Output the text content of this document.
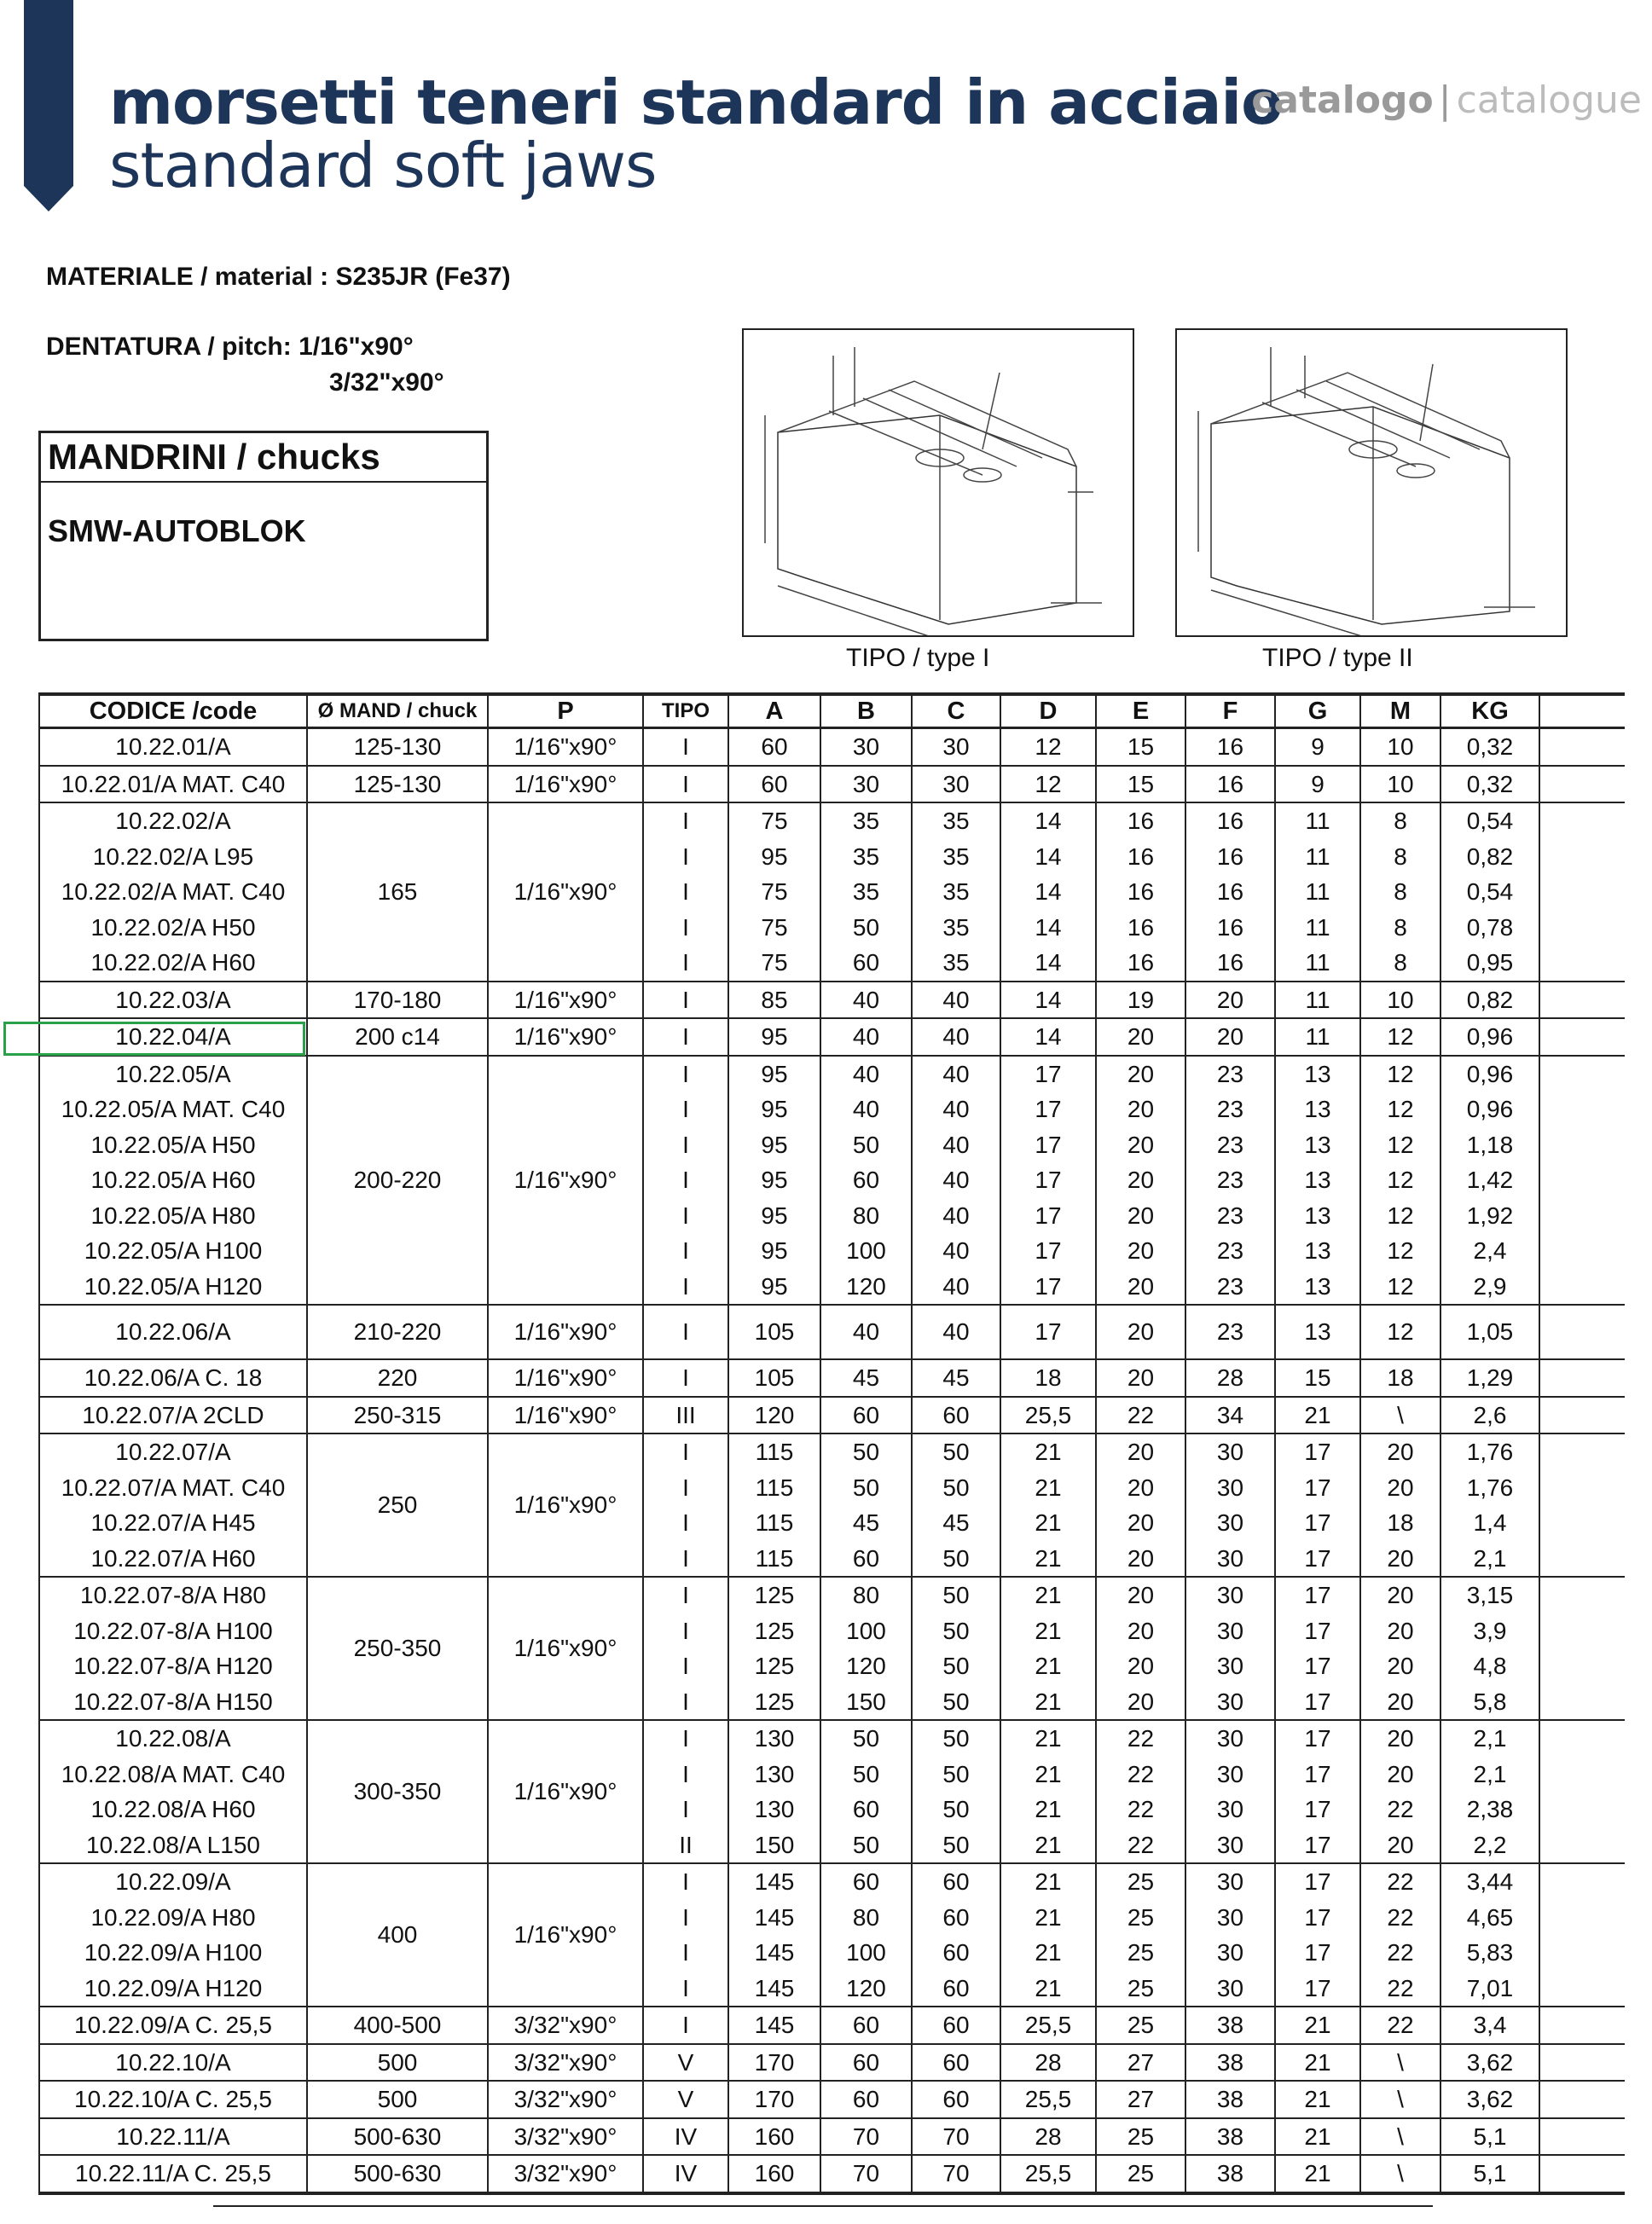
morsetti teneri standard in acciaio
standard soft jaws
catalogo | catalogue
MATERIALE / material : S235JR (Fe37)
DENTATURA / pitch: 1/16"x90°
3/32"x90°
MANDRINI / chucks
SMW-AUTOBLOK
TIPO / type I	TIPO / type II
CODICE /code	Ø MAND / chuck	P	TIPO	A	B	C	D	E	F	G	M	KG	
10.22.01/A	125-130	1/16"x90°	I	60	30	30	12	15	16	9	10	0,32	
10.22.01/A MAT. C40	125-130	1/16"x90°	I	60	30	30	12	15	16	9	10	0,32	
10.22.02/A	165	1/16"x90°	I	75	35	35	14	16	16	11	8	0,54	
10.22.02/A L95			I	95	35	35	14	16	16	11	8	0,82	
10.22.02/A MAT. C40			I	75	35	35	14	16	16	11	8	0,54	
10.22.02/A H50			I	75	50	35	14	16	16	11	8	0,78	
10.22.02/A H60			I	75	60	35	14	16	16	11	8	0,95	
10.22.03/A	170-180	1/16"x90°	I	85	40	40	14	19	20	11	10	0,82	
10.22.04/A	200 c14	1/16"x90°	I	95	40	40	14	20	20	11	12	0,96	
10.22.05/A	200-220	1/16"x90°	I	95	40	40	17	20	23	13	12	0,96	
10.22.05/A MAT. C40			I	95	40	40	17	20	23	13	12	0,96	
10.22.05/A H50			I	95	50	40	17	20	23	13	12	1,18	
10.22.05/A H60			I	95	60	40	17	20	23	13	12	1,42	
10.22.05/A H80			I	95	80	40	17	20	23	13	12	1,92	
10.22.05/A H100			I	95	100	40	17	20	23	13	12	2,4	
10.22.05/A H120			I	95	120	40	17	20	23	13	12	2,9	
10.22.06/A	210-220	1/16"x90°	I	105	40	40	17	20	23	13	12	1,05	
10.22.06/A C. 18	220	1/16"x90°	I	105	45	45	18	20	28	15	18	1,29	
10.22.07/A 2CLD	250-315	1/16"x90°	III	120	60	60	25,5	22	34	21	\	2,6	
10.22.07/A	250	1/16"x90°	I	115	50	50	21	20	30	17	20	1,76	
10.22.07/A MAT. C40			I	115	50	50	21	20	30	17	20	1,76	
10.22.07/A H45			I	115	45	45	21	20	30	17	18	1,4	
10.22.07/A H60			I	115	60	50	21	20	30	17	20	2,1	
10.22.07-8/A H80	250-350	1/16"x90°	I	125	80	50	21	20	30	17	20	3,15	
10.22.07-8/A H100			I	125	100	50	21	20	30	17	20	3,9	
10.22.07-8/A H120			I	125	120	50	21	20	30	17	20	4,8	
10.22.07-8/A H150			I	125	150	50	21	20	30	17	20	5,8	
10.22.08/A	300-350	1/16"x90°	I	130	50	50	21	22	30	17	20	2,1	
10.22.08/A MAT. C40			I	130	50	50	21	22	30	17	20	2,1	
10.22.08/A H60			I	130	60	50	21	22	30	17	22	2,38	
10.22.08/A L150			II	150	50	50	21	22	30	17	20	2,2	
10.22.09/A	400	1/16"x90°	I	145	60	60	21	25	30	17	22	3,44	
10.22.09/A H80			I	145	80	60	21	25	30	17	22	4,65	
10.22.09/A H100			I	145	100	60	21	25	30	17	22	5,83	
10.22.09/A H120			I	145	120	60	21	25	30	17	22	7,01	
10.22.09/A C. 25,5	400-500	3/32"x90°	I	145	60	60	25,5	25	38	21	22	3,4	
10.22.10/A	500	3/32"x90°	V	170	60	60	28	27	38	21	\	3,62	
10.22.10/A C. 25,5	500	3/32"x90°	V	170	60	60	25,5	27	38	21	\	3,62	
10.22.11/A	500-630	3/32"x90°	IV	160	70	70	28	25	38	21	\	5,1	
10.22.11/A C. 25,5	500-630	3/32"x90°	IV	160	70	70	25,5	25	38	21	\	5,1	
